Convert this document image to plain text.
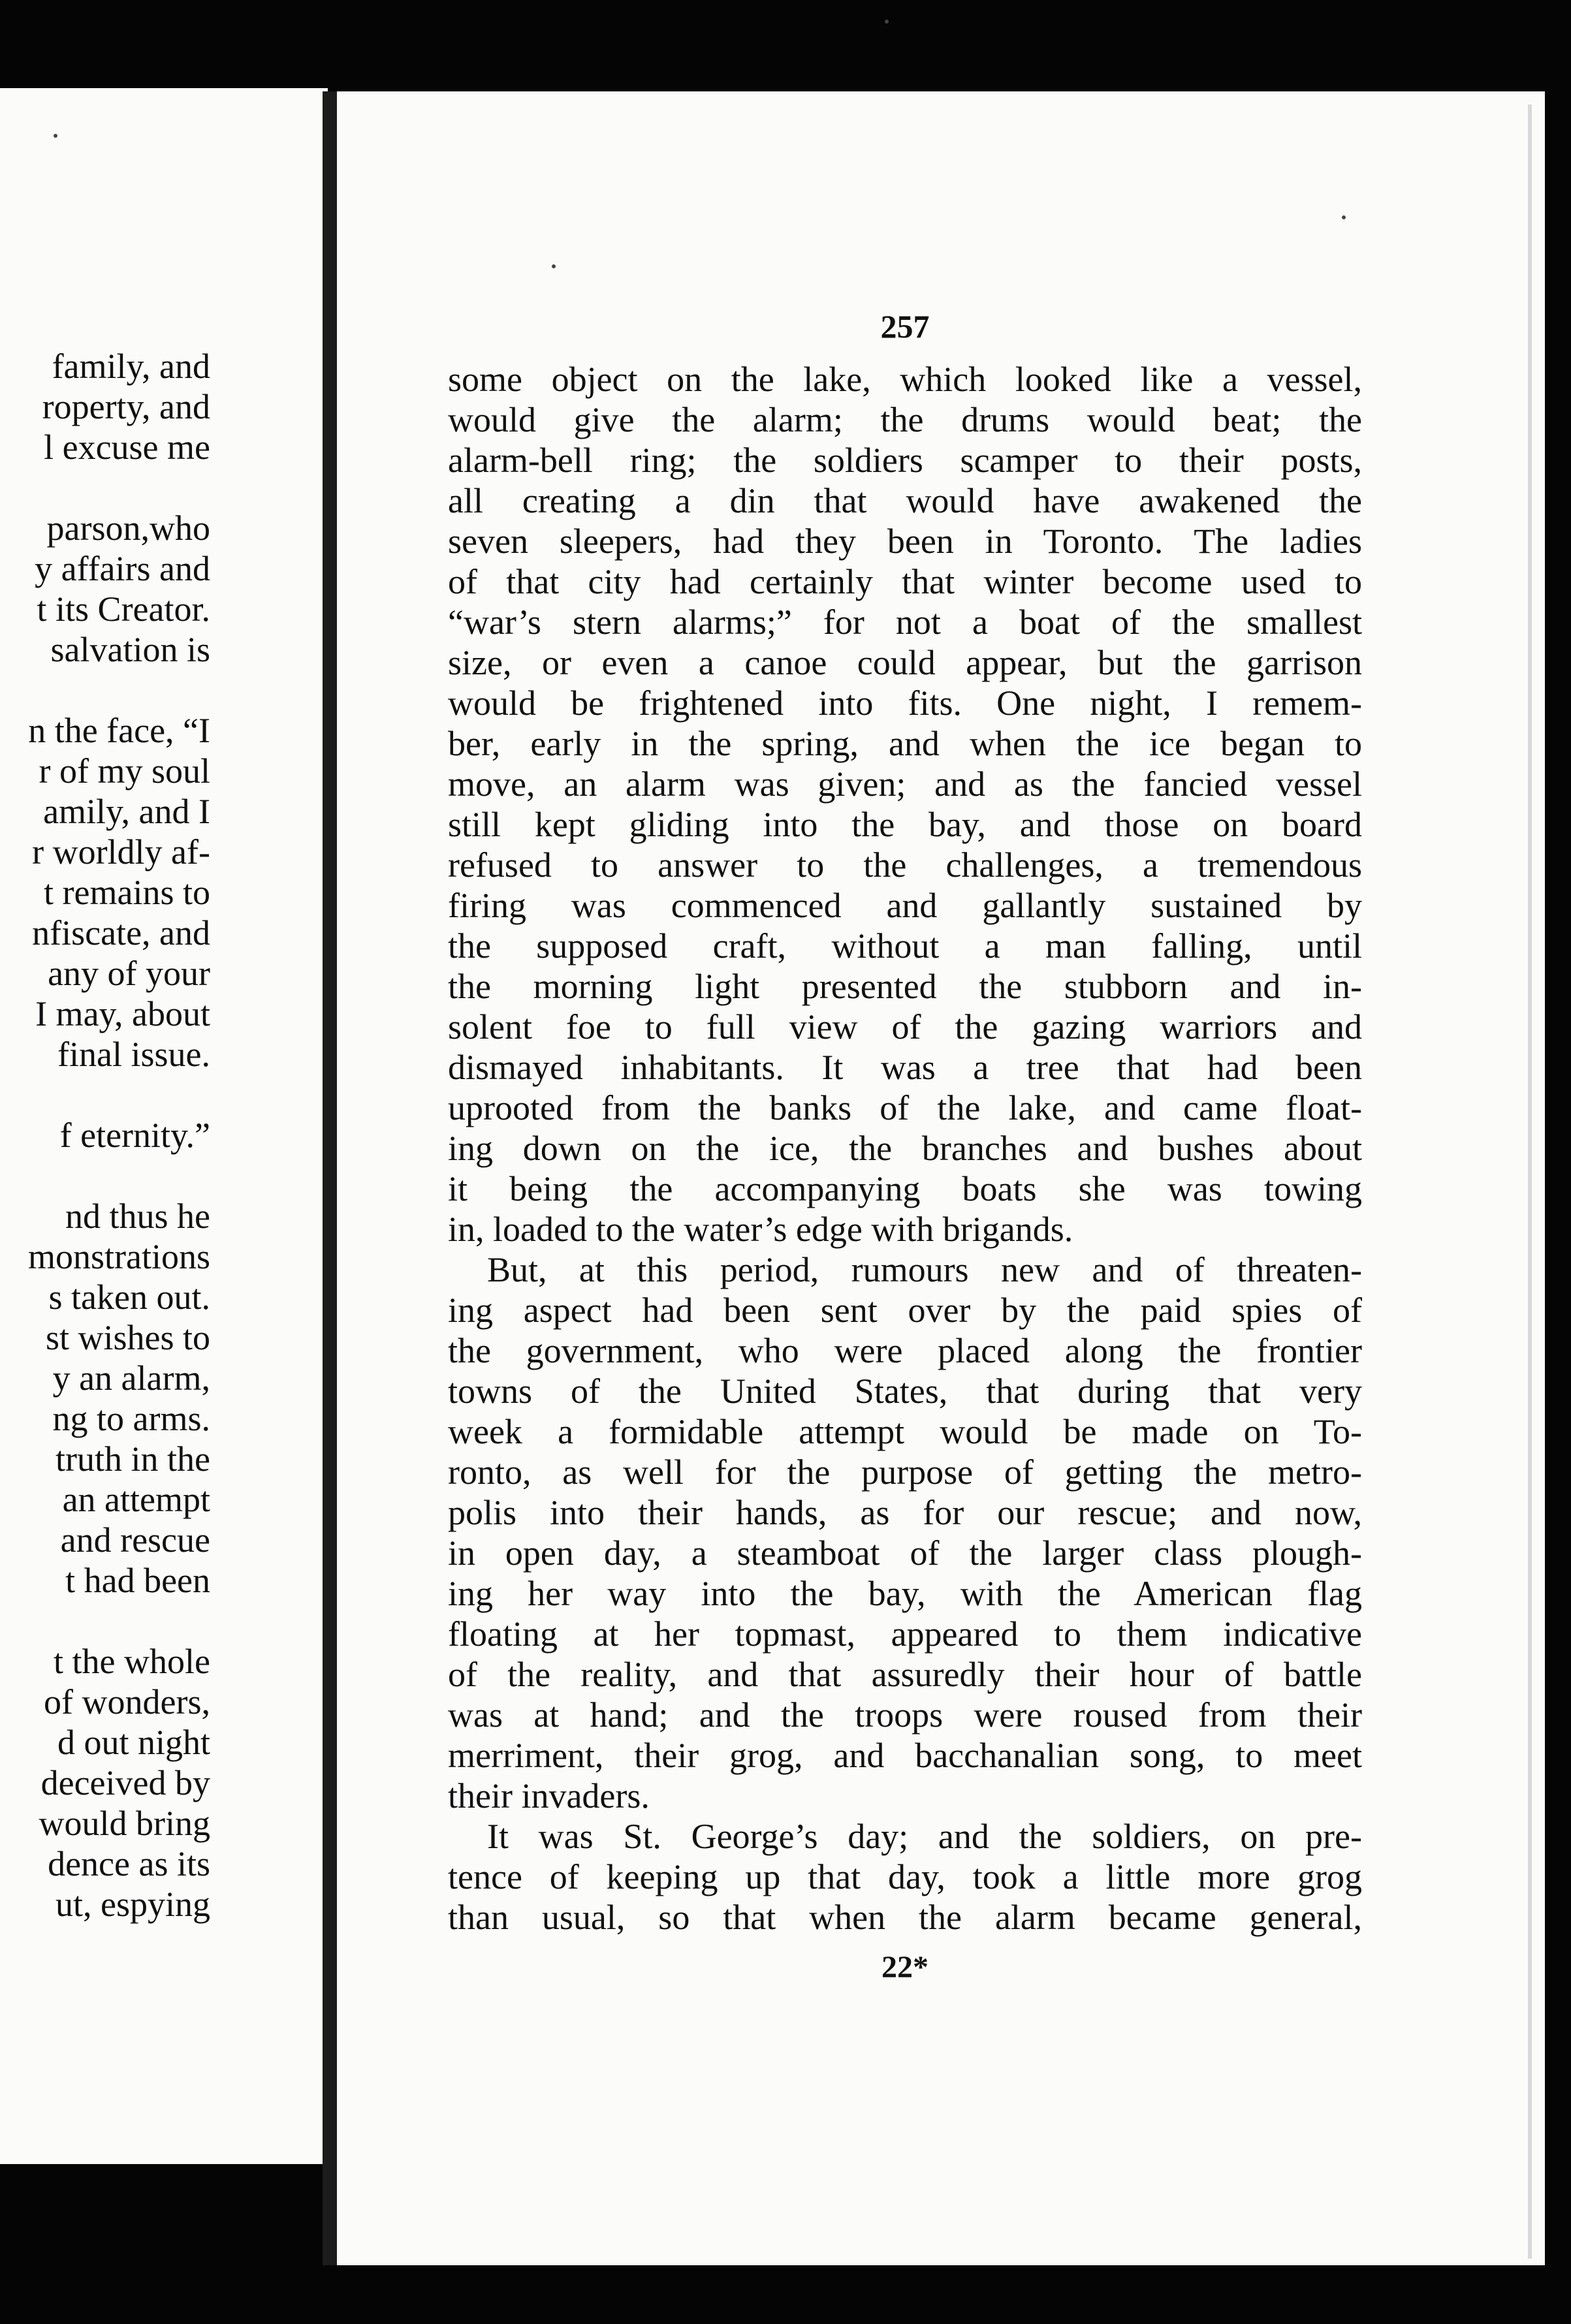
family, and
roperty, and
l excuse me
parson,who
y affairs and
t its Creator.
salvation is
n the face, “I
r of my soul
amily, and I
r worldly af-
t remains to
nfiscate, and
any of your
I may, about
final issue.
f eternity.”
nd thus he
monstrations
s taken out.
st wishes to
y an alarm,
ng to arms.
truth in the
an attempt
and rescue
t had been
t the whole
of wonders,
d out night
deceived by
would bring
dence as its
ut, espying
257
some object on the lake, which looked like a vessel,
would give the alarm; the drums would beat; the
alarm-bell ring; the soldiers scamper to their posts,
all creating a din that would have awakened the
seven sleepers, had they been in Toronto. The ladies
of that city had certainly that winter become used to
“war’s stern alarms;” for not a boat of the smallest
size, or even a canoe could appear, but the garrison
would be frightened into fits. One night, I remem-
ber, early in the spring, and when the ice began to
move, an alarm was given; and as the fancied vessel
still kept gliding into the bay, and those on board
refused to answer to the challenges, a tremendous
firing was commenced and gallantly sustained by
the supposed craft, without a man falling, until
the morning light presented the stubborn and in-
solent foe to full view of the gazing warriors and
dismayed inhabitants. It was a tree that had been
uprooted from the banks of the lake, and came float-
ing down on the ice, the branches and bushes about
it being the accompanying boats she was towing
in, loaded to the water’s edge with brigands.
But, at this period, rumours new and of threaten-
ing aspect had been sent over by the paid spies of
the government, who were placed along the frontier
towns of the United States, that during that very
week a formidable attempt would be made on To-
ronto, as well for the purpose of getting the metro-
polis into their hands, as for our rescue; and now,
in open day, a steamboat of the larger class plough-
ing her way into the bay, with the American flag
floating at her topmast, appeared to them indicative
of the reality, and that assuredly their hour of battle
was at hand; and the troops were roused from their
merriment, their grog, and bacchanalian song, to meet
their invaders.
It was St. George’s day; and the soldiers, on pre-
tence of keeping up that day, took a little more grog
than usual, so that when the alarm became general,
22*
